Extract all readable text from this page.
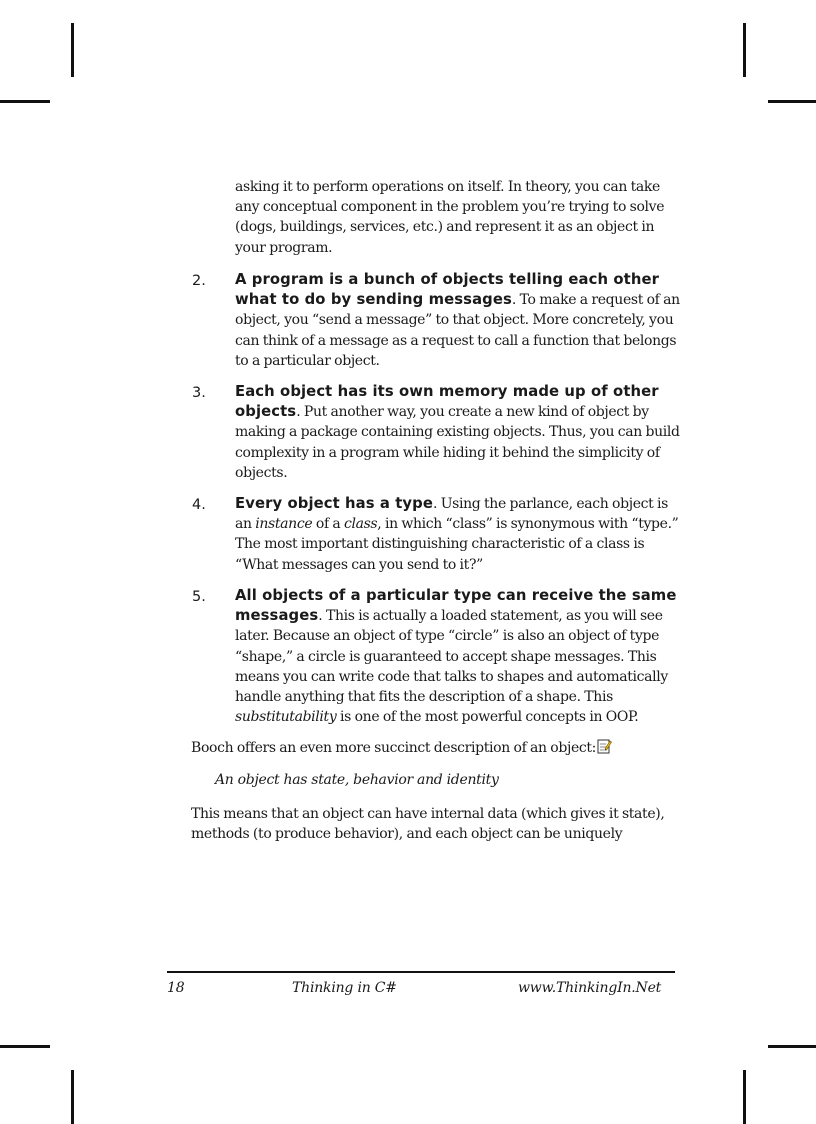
asking it to perform operations on itself. In theory, you can take any conceptual component in the problem you’re trying to solve (dogs, buildings, services, etc.) and represent it as an object in your program.
2. A program is a bunch of objects telling each other what to do by sending messages. To make a request of an object, you “send a message” to that object. More concretely, you can think of a message as a request to call a function that belongs to a particular object.
3. Each object has its own memory made up of other objects. Put another way, you create a new kind of object by making a package containing existing objects. Thus, you can build complexity in a program while hiding it behind the simplicity of objects.
4. Every object has a type. Using the parlance, each object is an instance of a class, in which “class” is synonymous with “type.” The most important distinguishing characteristic of a class is “What messages can you send to it?”
5. All objects of a particular type can receive the same messages. This is actually a loaded statement, as you will see later. Because an object of type “circle” is also an object of type “shape,” a circle is guaranteed to accept shape messages. This means you can write code that talks to shapes and automatically handle anything that fits the description of a shape. This substitutability is one of the most powerful concepts in OOP.
Booch offers an even more succinct description of an object:
An object has state, behavior and identity
This means that an object can have internal data (which gives it state), methods (to produce behavior), and each object can be uniquely
18	Thinking in C#	www.ThinkingIn.Net
